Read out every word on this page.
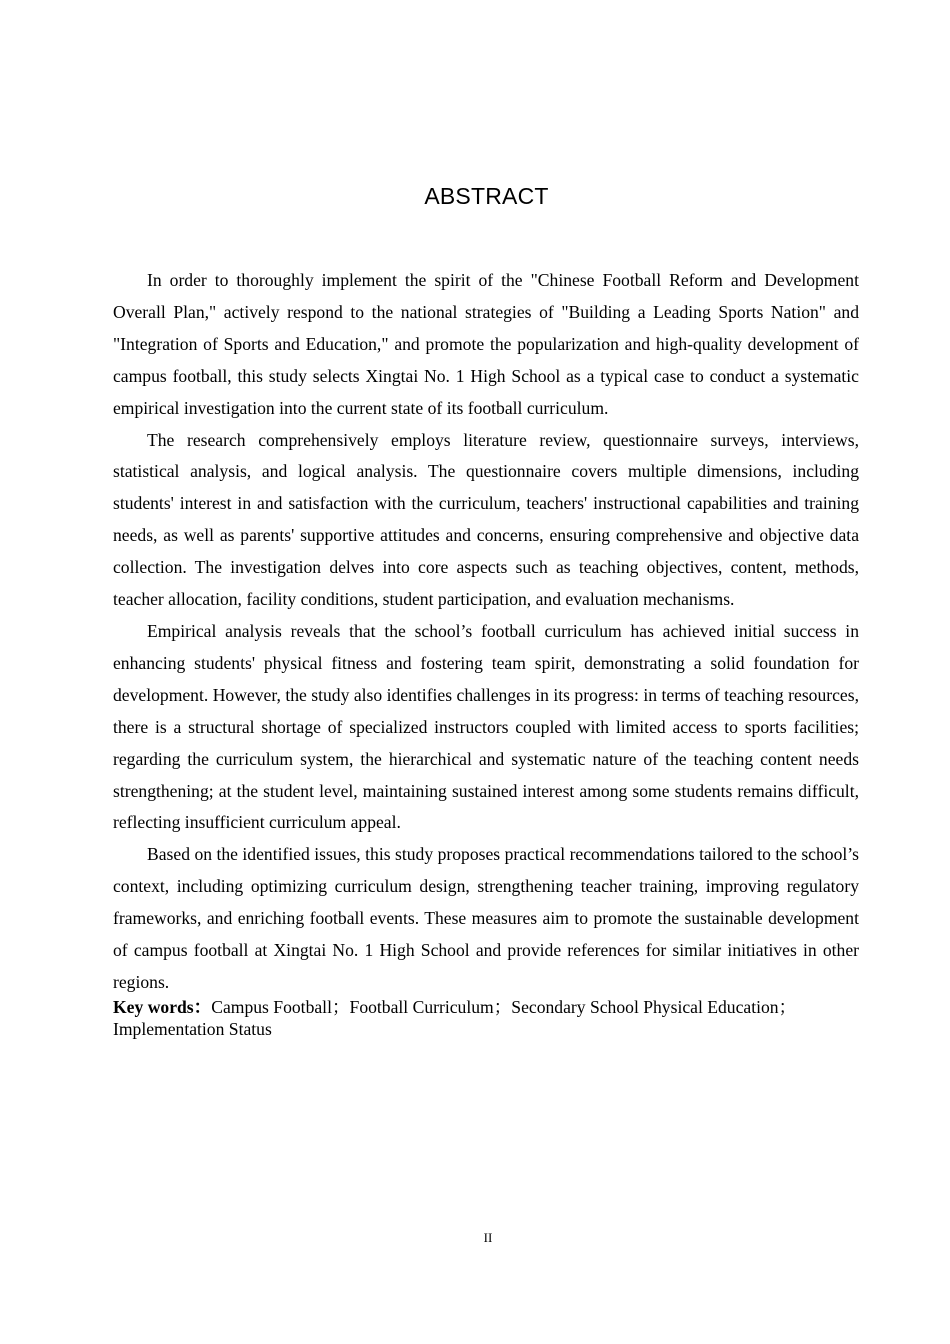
ABSTRACT

In order to thoroughly implement the spirit of the "Chinese Football Reform and Development Overall Plan," actively respond to the national strategies of "Building a Leading Sports Nation" and "Integration of Sports and Education," and promote the popularization and high-quality development of campus football, this study selects Xingtai No. 1 High School as a typical case to conduct a systematic empirical investigation into the current state of its football curriculum.

The research comprehensively employs literature review, questionnaire surveys, interviews, statistical analysis, and logical analysis. The questionnaire covers multiple dimensions, including students' interest in and satisfaction with the curriculum, teachers' instructional capabilities and training needs, as well as parents' supportive attitudes and concerns, ensuring comprehensive and objective data collection. The investigation delves into core aspects such as teaching objectives, content, methods, teacher allocation, facility conditions, student participation, and evaluation mechanisms.

Empirical analysis reveals that the school’s football curriculum has achieved initial success in enhancing students' physical fitness and fostering team spirit, demonstrating a solid foundation for development. However, the study also identifies challenges in its progress: in terms of teaching resources, there is a structural shortage of specialized instructors coupled with limited access to sports facilities; regarding the curriculum system, the hierarchical and systematic nature of the teaching content needs strengthening; at the student level, maintaining sustained interest among some students remains difficult, reflecting insufficient curriculum appeal.

Based on the identified issues, this study proposes practical recommendations tailored to the school’s context, including optimizing curriculum design, strengthening teacher training, improving regulatory frameworks, and enriching football events. These measures aim to promote the sustainable development of campus football at Xingtai No. 1 High School and provide references for similar initiatives in other regions.

Key words：Campus Football；Football Curriculum；Secondary School Physical Education；Implementation Status

II
